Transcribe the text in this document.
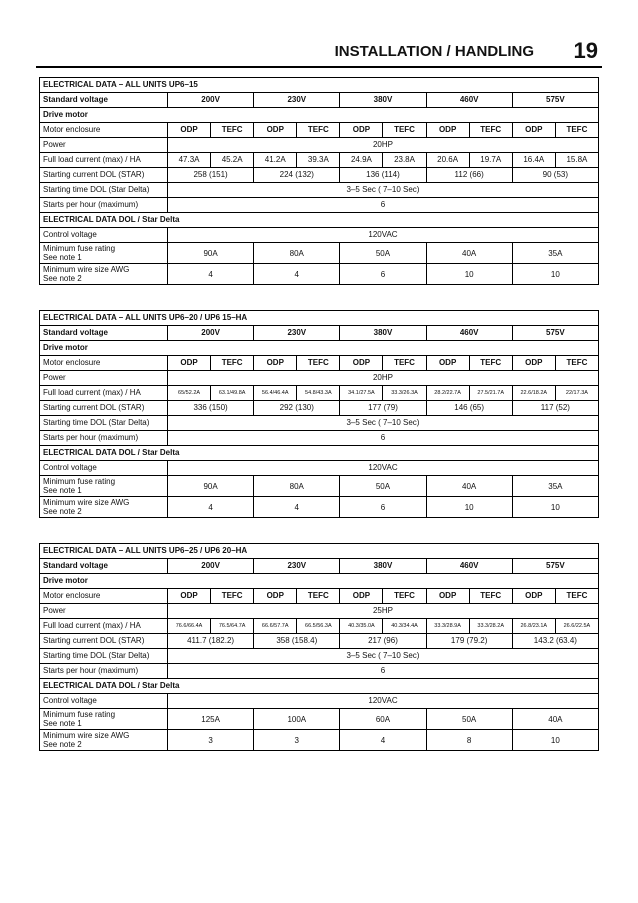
INSTALLATION / HANDLING 19
ELECTRICAL DATA – ALL UNITS UP6–15										
Standard voltage	200V		230V		380V		460V		575V	
Drive motor										
Motor enclosure	ODP	TEFC	ODP	TEFC	ODP	TEFC	ODP	TEFC	ODP	TEFC
Power	20HP									
Full load current (max) / HA	47.3A	45.2A	41.2A	39.3A	24.9A	23.8A	20.6A	19.7A	16.4A	15.8A
Starting current DOL (STAR)	258 (151)		224 (132)		136 (114)		112 (66)		90 (53)	
Starting time DOL (Star Delta)	3–5 Sec ( 7–10 Sec)									
Starts per hour (maximum)	6									
ELECTRICAL DATA DOL / Star Delta										
Control voltage	120VAC									
Minimum fuse rating
See note 1	90A		80A		50A		40A		35A	
Minimum wire size AWG
See note 2	4		4		6		10		10	
ELECTRICAL DATA – ALL UNITS UP6–20 / UP6 15–HA										
Standard voltage	200V		230V		380V		460V		575V	
Drive motor										
Motor enclosure	ODP	TEFC	ODP	TEFC	ODP	TEFC	ODP	TEFC	ODP	TEFC
Power	20HP									
Full load current (max) / HA	65/52.2A	63.1/49.8A	56.4/46.4A	54.8/43.3A	34.1/27.5A	33.3/26.3A	28.2/22.7A	27.5/21.7A	22.6/18.2A	22/17.3A
Starting current DOL (STAR)	336 (150)		292 (130)		177 (79)		146 (65)		117 (52)	
Starting time DOL (Star Delta)	3–5 Sec ( 7–10 Sec)									
Starts per hour (maximum)	6									
ELECTRICAL DATA DOL / Star Delta										
Control voltage	120VAC									
Minimum fuse rating
See note 1	90A		80A		50A		40A		35A	
Minimum wire size AWG
See note 2	4		4		6		10		10	
ELECTRICAL DATA – ALL UNITS UP6–25 / UP6 20–HA										
Standard voltage	200V		230V		380V		460V		575V	
Drive motor										
Motor enclosure	ODP	TEFC	ODP	TEFC	ODP	TEFC	ODP	TEFC	ODP	TEFC
Power	25HP									
Full load current (max) / HA	76.6/66.4A	76.5/64.7A	66.6/57.7A	66.5/56.3A	40.3/35.0A	40.3/34.4A	33.3/28.9A	33.3/28.2A	26.8/23.1A	26.6/22.5A
Starting current DOL (STAR)	411.7 (182.2)		358 (158.4)		217 (96)		179 (79.2)		143.2 (63.4)	
Starting time DOL (Star Delta)	3–5 Sec ( 7–10 Sec)									
Starts per hour (maximum)	6									
ELECTRICAL DATA DOL / Star Delta										
Control voltage	120VAC									
Minimum fuse rating
See note 1	125A		100A		60A		50A		40A	
Minimum wire size AWG
See note 2	3		3		4		8		10	
